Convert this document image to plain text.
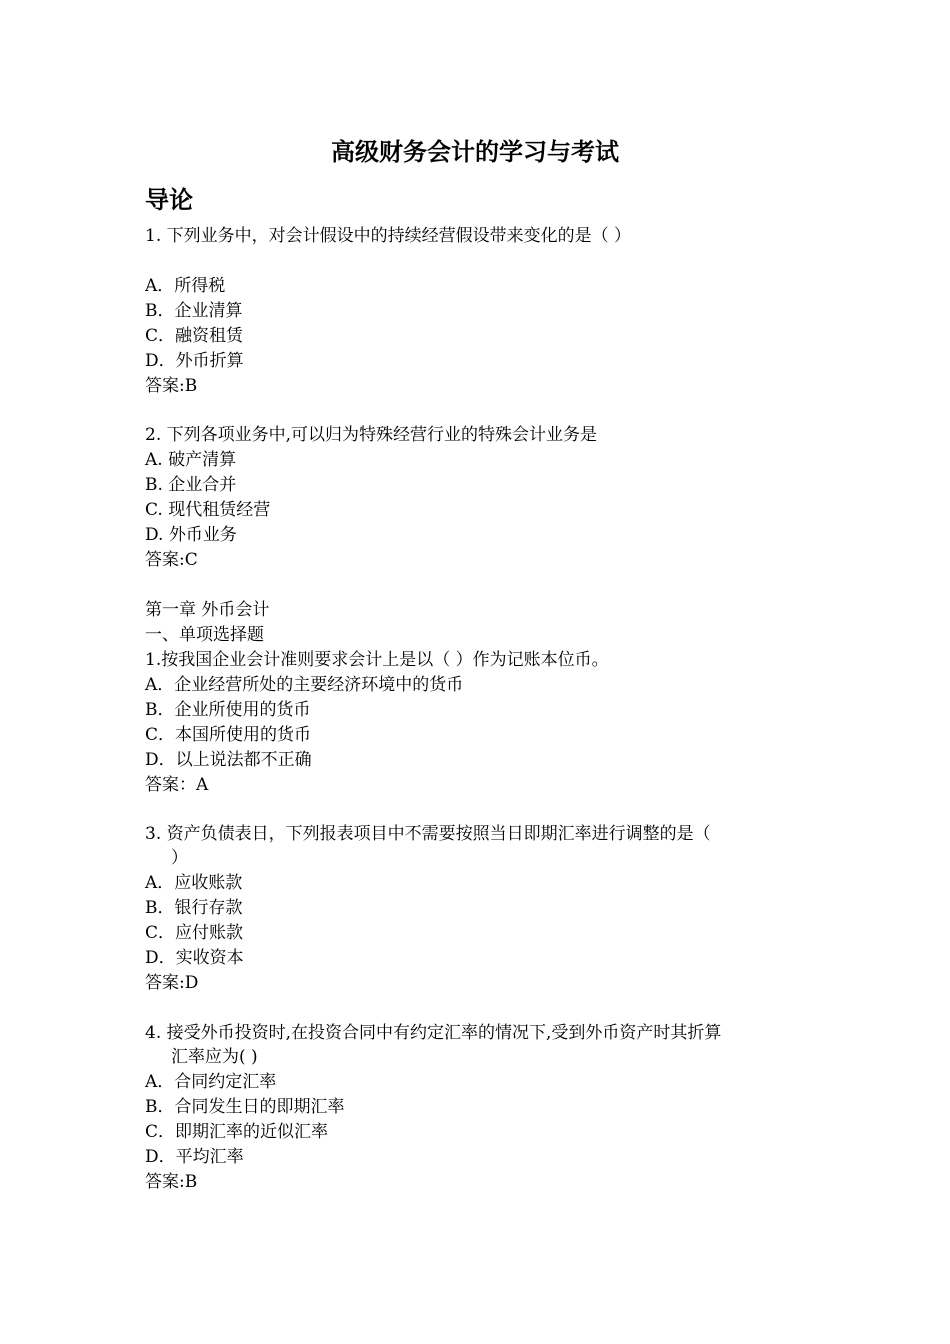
高级财务会计的学习与考试
导论
1. 下列业务中，对会计假设中的持续经营假设带来变化的是（ ）
A．所得税
B．企业清算
C．融资租赁
D．外币折算
答案:B
2. 下列各项业务中,可以归为特殊经营行业的特殊会计业务是
A. 破产清算
B. 企业合并
C. 现代租赁经营
D. 外币业务
答案:C
第一章 外币会计
一、单项选择题
1.按我国企业会计准则要求会计上是以（ ）作为记账本位币。
A．企业经营所处的主要经济环境中的货币
B．企业所使用的货币
C．本国所使用的货币
D．以上说法都不正确
答案：A
3. 资产负债表日，下列报表项目中不需要按照当日即期汇率进行调整的是（
）
A．应收账款
B．银行存款
C．应付账款
D．实收资本
答案:D
4. 接受外币投资时,在投资合同中有约定汇率的情况下,受到外币资产时其折算
汇率应为( )
A．合同约定汇率
B．合同发生日的即期汇率
C．即期汇率的近似汇率
D．平均汇率
答案:B
